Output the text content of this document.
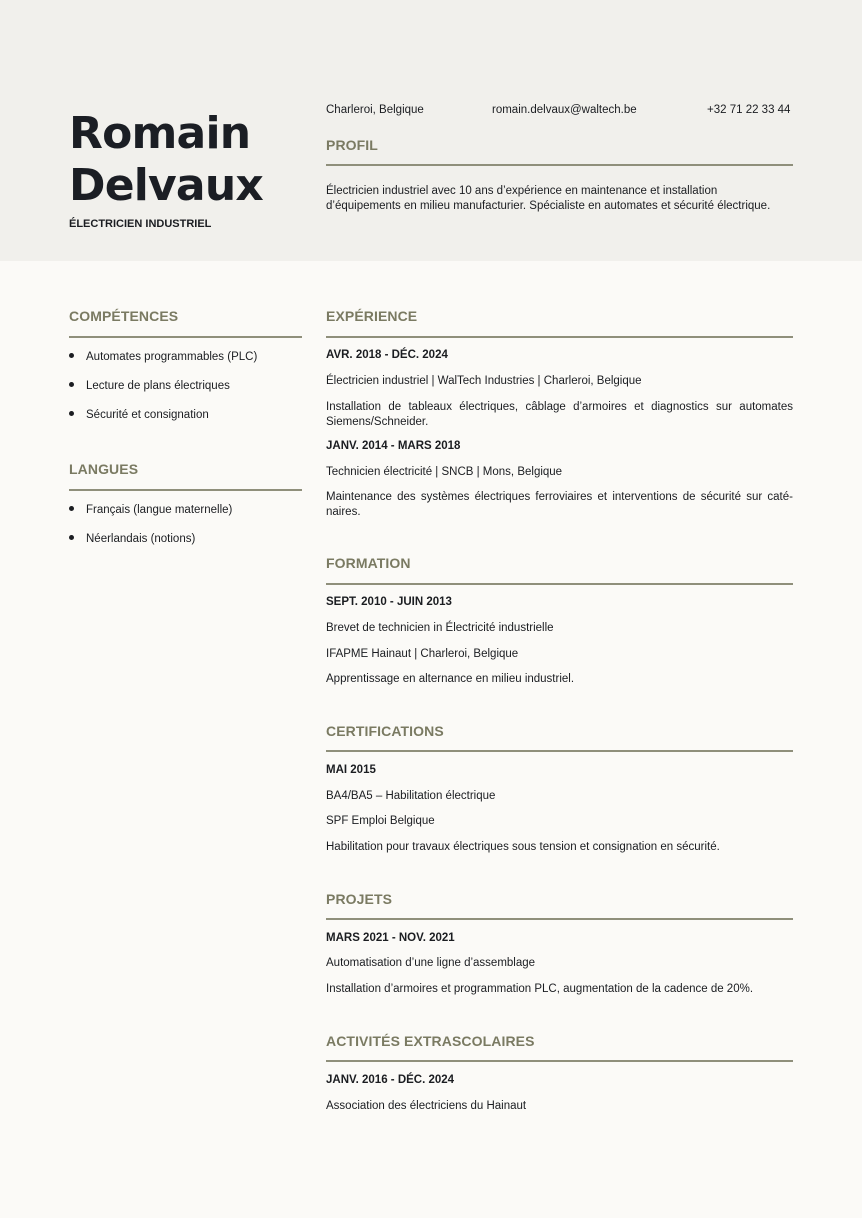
Romain
Delvaux
ÉLECTRICIEN INDUSTRIEL
Charleroi, Belgique	romain.delvaux@waltech.be	+32 71 22 33 44
PROFIL
Électricien industriel avec 10 ans d’expérience en maintenance et installation d’équipements en milieu manufacturier. Spécialiste en automates et sécurité électrique.
COMPÉTENCES
Automates programmables (PLC)
Lecture de plans électriques
Sécurité et consignation
LANGUES
Français (langue maternelle)
Néerlandais (notions)
EXPÉRIENCE
AVR. 2018 - DÉC. 2024
Électricien industriel | WalTech Industries | Charleroi, Belgique
Installation de tableaux électriques, câblage d’armoires et diagnostics sur automates Siemens/Schneider.
JANV. 2014 - MARS 2018
Technicien électricité | SNCB | Mons, Belgique
Maintenance des systèmes électriques ferroviaires et interventions de sécurité sur caténaires.
FORMATION
SEPT. 2010 - JUIN 2013
Brevet de technicien in Électricité industrielle
IFAPME Hainaut | Charleroi, Belgique
Apprentissage en alternance en milieu industriel.
CERTIFICATIONS
MAI 2015
BA4/BA5 – Habilitation électrique
SPF Emploi Belgique
Habilitation pour travaux électriques sous tension et consignation en sécurité.
PROJETS
MARS 2021 - NOV. 2021
Automatisation d’une ligne d’assemblage
Installation d’armoires et programmation PLC, augmentation de la cadence de 20%.
ACTIVITÉS EXTRASCOLAIRES
JANV. 2016 - DÉC. 2024
Association des électriciens du Hainaut
